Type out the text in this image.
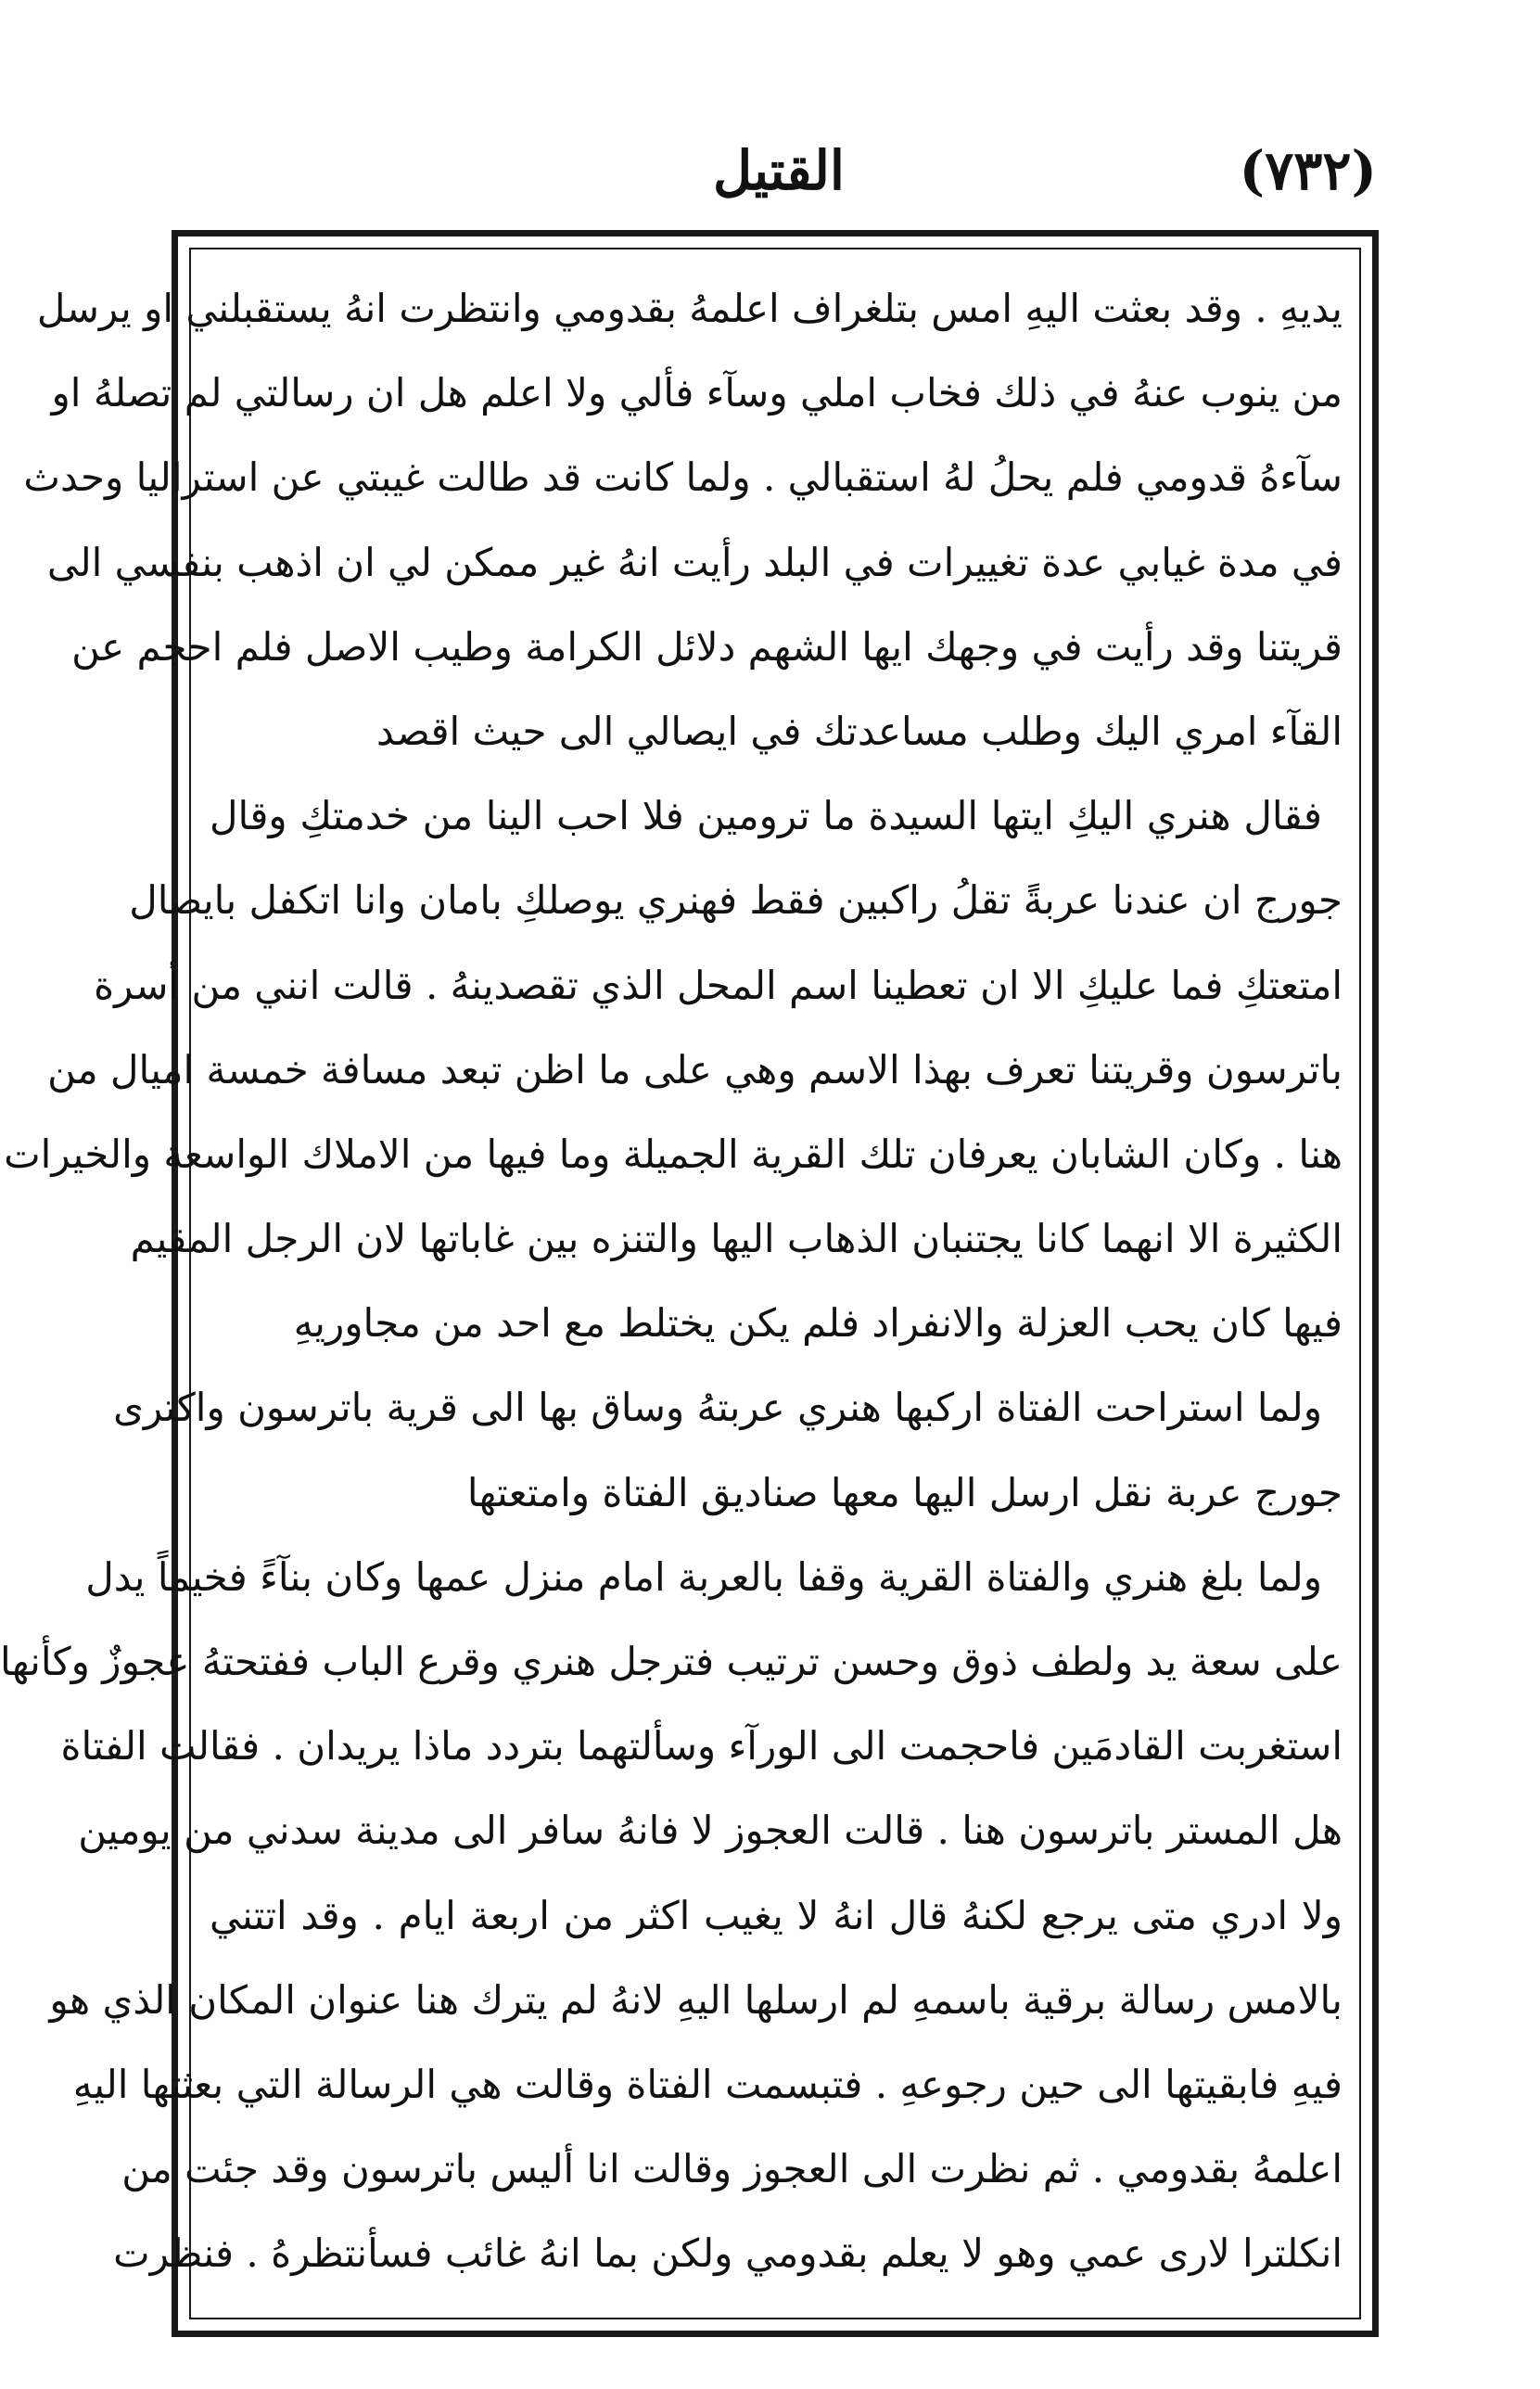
(٧٣٢)
القتيل
يديهِ . وقد بعثت اليهِ امس بتلغراف اعلمهُ بقدومي وانتظرت انهُ يستقبلني او يرسل
من ينوب عنهُ في ذلك فخاب املي وسآء فألي ولا اعلم هل ان رسالتي لم تصلهُ او
سآءهُ قدومي فلم يحلُ لهُ استقبالي . ولما كانت قد طالت غيبتي عن استراليا وحدث
في مدة غيابي عدة تغييرات في البلد رأيت انهُ غير ممكن لي ان اذهب بنفسي الى
قريتنا وقد رأيت في وجهك ايها الشهم دلائل الكرامة وطيب الاصل فلم احجم عن
القآء امري اليك وطلب مساعدتك في ايصالي الى حيث اقصد
فقال هنري اليكِ ايتها السيدة ما ترومين فلا احب الينا من خدمتكِ وقال
جورج ان عندنا عربةً تقلُ راكبين فقط فهنري يوصلكِ بامان وانا اتكفل بايصال
امتعتكِ فما عليكِ الا ان تعطينا اسم المحل الذي تقصدينهُ . قالت انني من أسرة
باترسون وقريتنا تعرف بهذا الاسم وهي على ما اظن تبعد مسافة خمسة اميال من
هنا . وكان الشابان يعرفان تلك القرية الجميلة وما فيها من الاملاك الواسعة والخيرات
الكثيرة الا انهما كانا يجتنبان الذهاب اليها والتنزه بين غاباتها لان الرجل المقيم
فيها كان يحب العزلة والانفراد فلم يكن يختلط مع احد من مجاوريهِ
ولما استراحت الفتاة اركبها هنري عربتهُ وساق بها الى قرية باترسون واكترى
جورج عربة نقل ارسل اليها معها صناديق الفتاة وامتعتها
ولما بلغ هنري والفتاة القرية وقفا بالعربة امام منزل عمها وكان بنآءً فخيماً يدل
على سعة يد ولطف ذوق وحسن ترتيب فترجل هنري وقرع الباب ففتحتهُ عجوزٌ وكأنها
استغربت القادمَين فاحجمت الى الورآء وسألتهما بتردد ماذا يريدان . فقالت الفتاة
هل المستر باترسون هنا . قالت العجوز لا فانهُ سافر الى مدينة سدني من يومين
ولا ادري متى يرجع لكنهُ قال انهُ لا يغيب اكثر من اربعة ايام . وقد اتتني
بالامس رسالة برقية باسمهِ لم ارسلها اليهِ لانهُ لم يترك هنا عنوان المكان الذي هو
فيهِ فابقيتها الى حين رجوعهِ . فتبسمت الفتاة وقالت هي الرسالة التي بعثتها اليهِ
اعلمهُ بقدومي . ثم نظرت الى العجوز وقالت انا أليس باترسون وقد جئت من
انكلترا لارى عمي وهو لا يعلم بقدومي ولكن بما انهُ غائب فسأنتظرهُ . فنظرت
